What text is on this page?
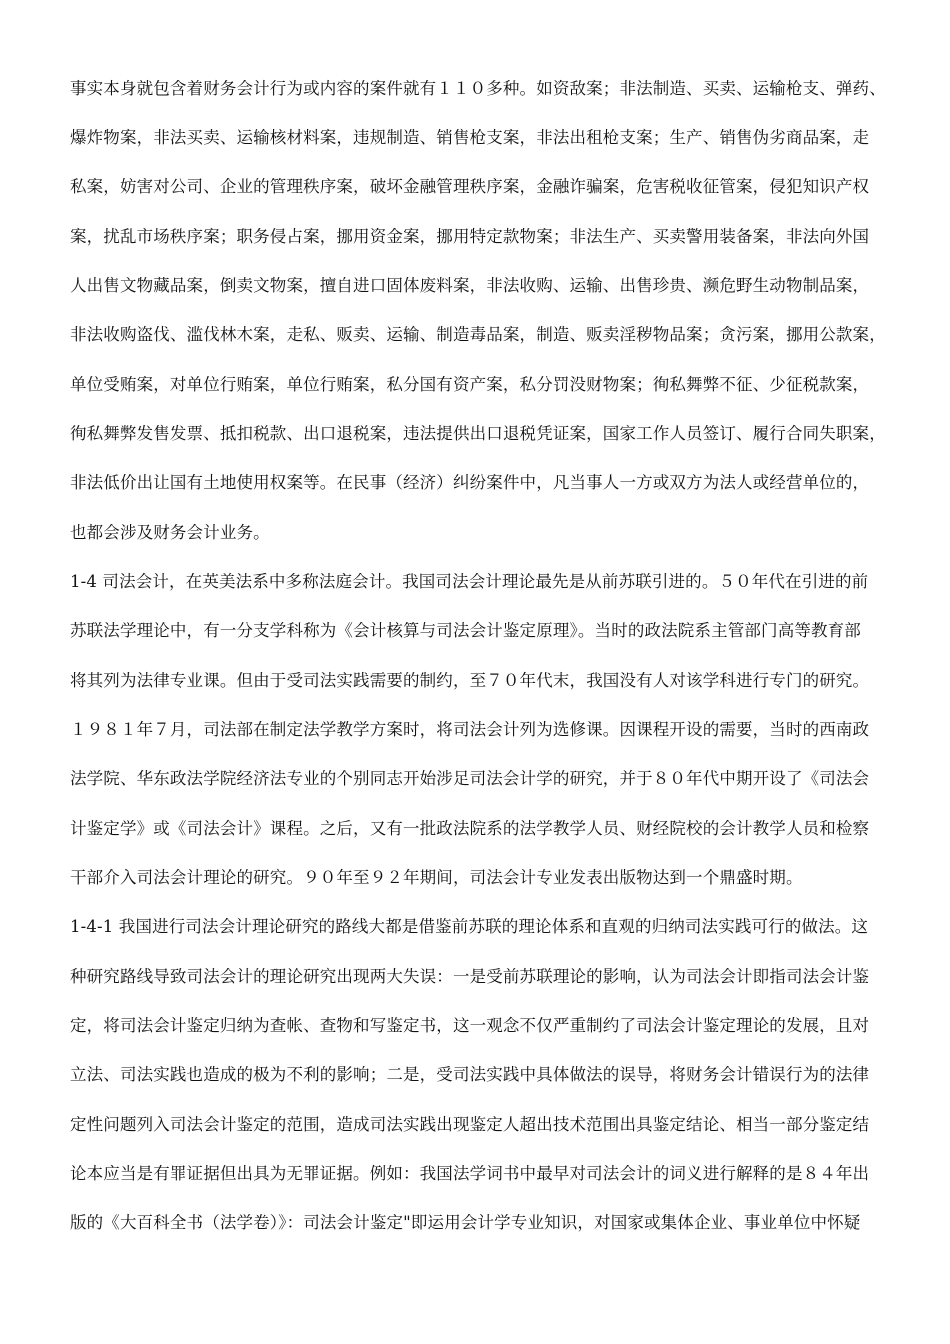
事实本身就包含着财务会计行为或内容的案件就有１１０多种。如资敌案；非法制造、买卖、运输枪支、弹药、
爆炸物案，非法买卖、运输核材料案，违规制造、销售枪支案，非法出租枪支案；生产、销售伪劣商品案，走
私案，妨害对公司、企业的管理秩序案，破坏金融管理秩序案，金融诈骗案，危害税收征管案，侵犯知识产权
案，扰乱市场秩序案；职务侵占案，挪用资金案，挪用特定款物案；非法生产、买卖警用装备案，非法向外国
人出售文物藏品案，倒卖文物案，擅自进口固体废料案，非法收购、运输、出售珍贵、濒危野生动物制品案，
非法收购盗伐、滥伐林木案，走私、贩卖、运输、制造毒品案，制造、贩卖淫秽物品案；贪污案，挪用公款案，
单位受贿案，对单位行贿案，单位行贿案，私分国有资产案，私分罚没财物案；徇私舞弊不征、少征税款案，
徇私舞弊发售发票、抵扣税款、出口退税案，违法提供出口退税凭证案，国家工作人员签订、履行合同失职案，
非法低价出让国有土地使用权案等。在民事（经济）纠纷案件中，凡当事人一方或双方为法人或经营单位的，
也都会涉及财务会计业务。
1-4 司法会计，在英美法系中多称法庭会计。我国司法会计理论最先是从前苏联引进的。５０年代在引进的前
苏联法学理论中，有一分支学科称为《会计核算与司法会计鉴定原理》。当时的政法院系主管部门高等教育部
将其列为法律专业课。但由于受司法实践需要的制约，至７０年代末，我国没有人对该学科进行专门的研究。
１９８１年７月，司法部在制定法学教学方案时，将司法会计列为选修课。因课程开设的需要，当时的西南政
法学院、华东政法学院经济法专业的个别同志开始涉足司法会计学的研究，并于８０年代中期开设了《司法会
计鉴定学》或《司法会计》课程。之后，又有一批政法院系的法学教学人员、财经院校的会计教学人员和检察
干部介入司法会计理论的研究。９０年至９２年期间，司法会计专业发表出版物达到一个鼎盛时期。
1-4-1 我国进行司法会计理论研究的路线大都是借鉴前苏联的理论体系和直观的归纳司法实践可行的做法。这
种研究路线导致司法会计的理论研究出现两大失误：一是受前苏联理论的影响，认为司法会计即指司法会计鉴
定，将司法会计鉴定归纳为查帐、查物和写鉴定书，这一观念不仅严重制约了司法会计鉴定理论的发展，且对
立法、司法实践也造成的极为不利的影响；二是，受司法实践中具体做法的误导，将财务会计错误行为的法律
定性问题列入司法会计鉴定的范围，造成司法实践出现鉴定人超出技术范围出具鉴定结论、相当一部分鉴定结
论本应当是有罪证据但出具为无罪证据。例如：我国法学词书中最早对司法会计的词义进行解释的是８４年出
版的《大百科全书（法学卷）》：司法会计鉴定"即运用会计学专业知识，对国家或集体企业、事业单位中怀疑
